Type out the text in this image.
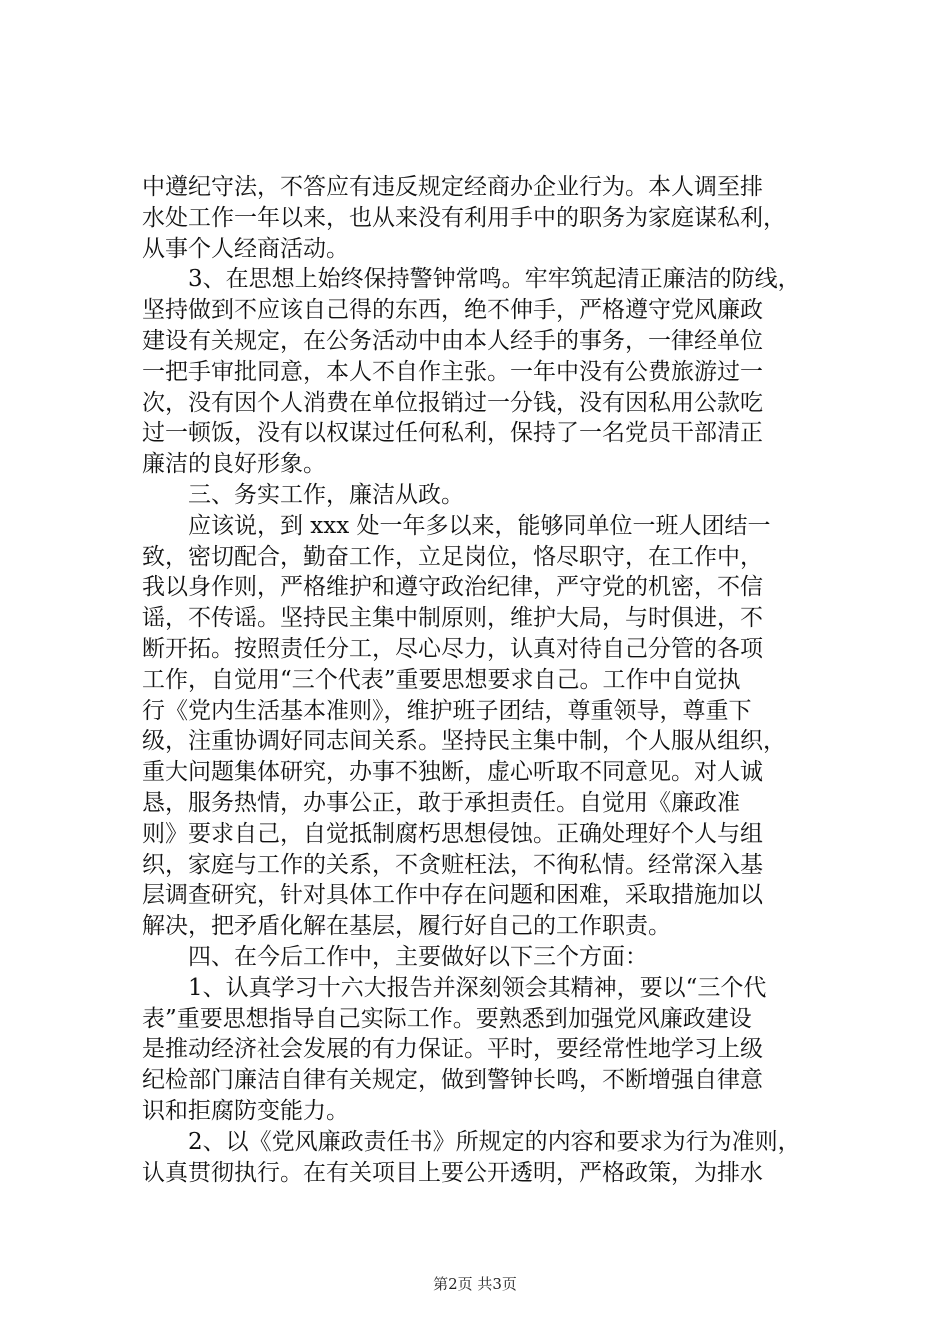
中遵纪守法，不答应有违反规定经商办企业行为。本人调至排
水处工作一年以来，也从来没有利用手中的职务为家庭谋私利，
从事个人经商活动。
3、在思想上始终保持警钟常鸣。牢牢筑起清正廉洁的防线，
坚持做到不应该自己得的东西，绝不伸手，严格遵守党风廉政
建设有关规定，在公务活动中由本人经手的事务，一律经单位
一把手审批同意，本人不自作主张。一年中没有公费旅游过一
次，没有因个人消费在单位报销过一分钱，没有因私用公款吃
过一顿饭，没有以权谋过任何私利，保持了一名党员干部清正
廉洁的良好形象。
三、务实工作，廉洁从政。
应该说，到 xxx 处一年多以来，能够同单位一班人团结一
致，密切配合，勤奋工作，立足岗位，恪尽职守，在工作中，
我以身作则，严格维护和遵守政治纪律，严守党的机密，不信
谣，不传谣。坚持民主集中制原则，维护大局，与时俱进，不
断开拓。按照责任分工，尽心尽力，认真对待自己分管的各项
工作，自觉用“三个代表”重要思想要求自己。工作中自觉执
行《党内生活基本准则》，维护班子团结，尊重领导，尊重下
级，注重协调好同志间关系。坚持民主集中制，个人服从组织，
重大问题集体研究，办事不独断，虚心听取不同意见。对人诚
恳，服务热情，办事公正，敢于承担责任。自觉用《廉政准
则》要求自己，自觉抵制腐朽思想侵蚀。正确处理好个人与组
织，家庭与工作的关系，不贪赃枉法，不徇私情。经常深入基
层调查研究，针对具体工作中存在问题和困难，采取措施加以
解决，把矛盾化解在基层，履行好自己的工作职责。
四、在今后工作中，主要做好以下三个方面：
1、认真学习十六大报告并深刻领会其精神，要以“三个代
表”重要思想指导自己实际工作。要熟悉到加强党风廉政建设
是推动经济社会发展的有力保证。平时，要经常性地学习上级
纪检部门廉洁自律有关规定，做到警钟长鸣，不断增强自律意
识和拒腐防变能力。
2、以《党风廉政责任书》所规定的内容和要求为行为准则，
认真贯彻执行。在有关项目上要公开透明，严格政策，为排水
第2页 共3页
